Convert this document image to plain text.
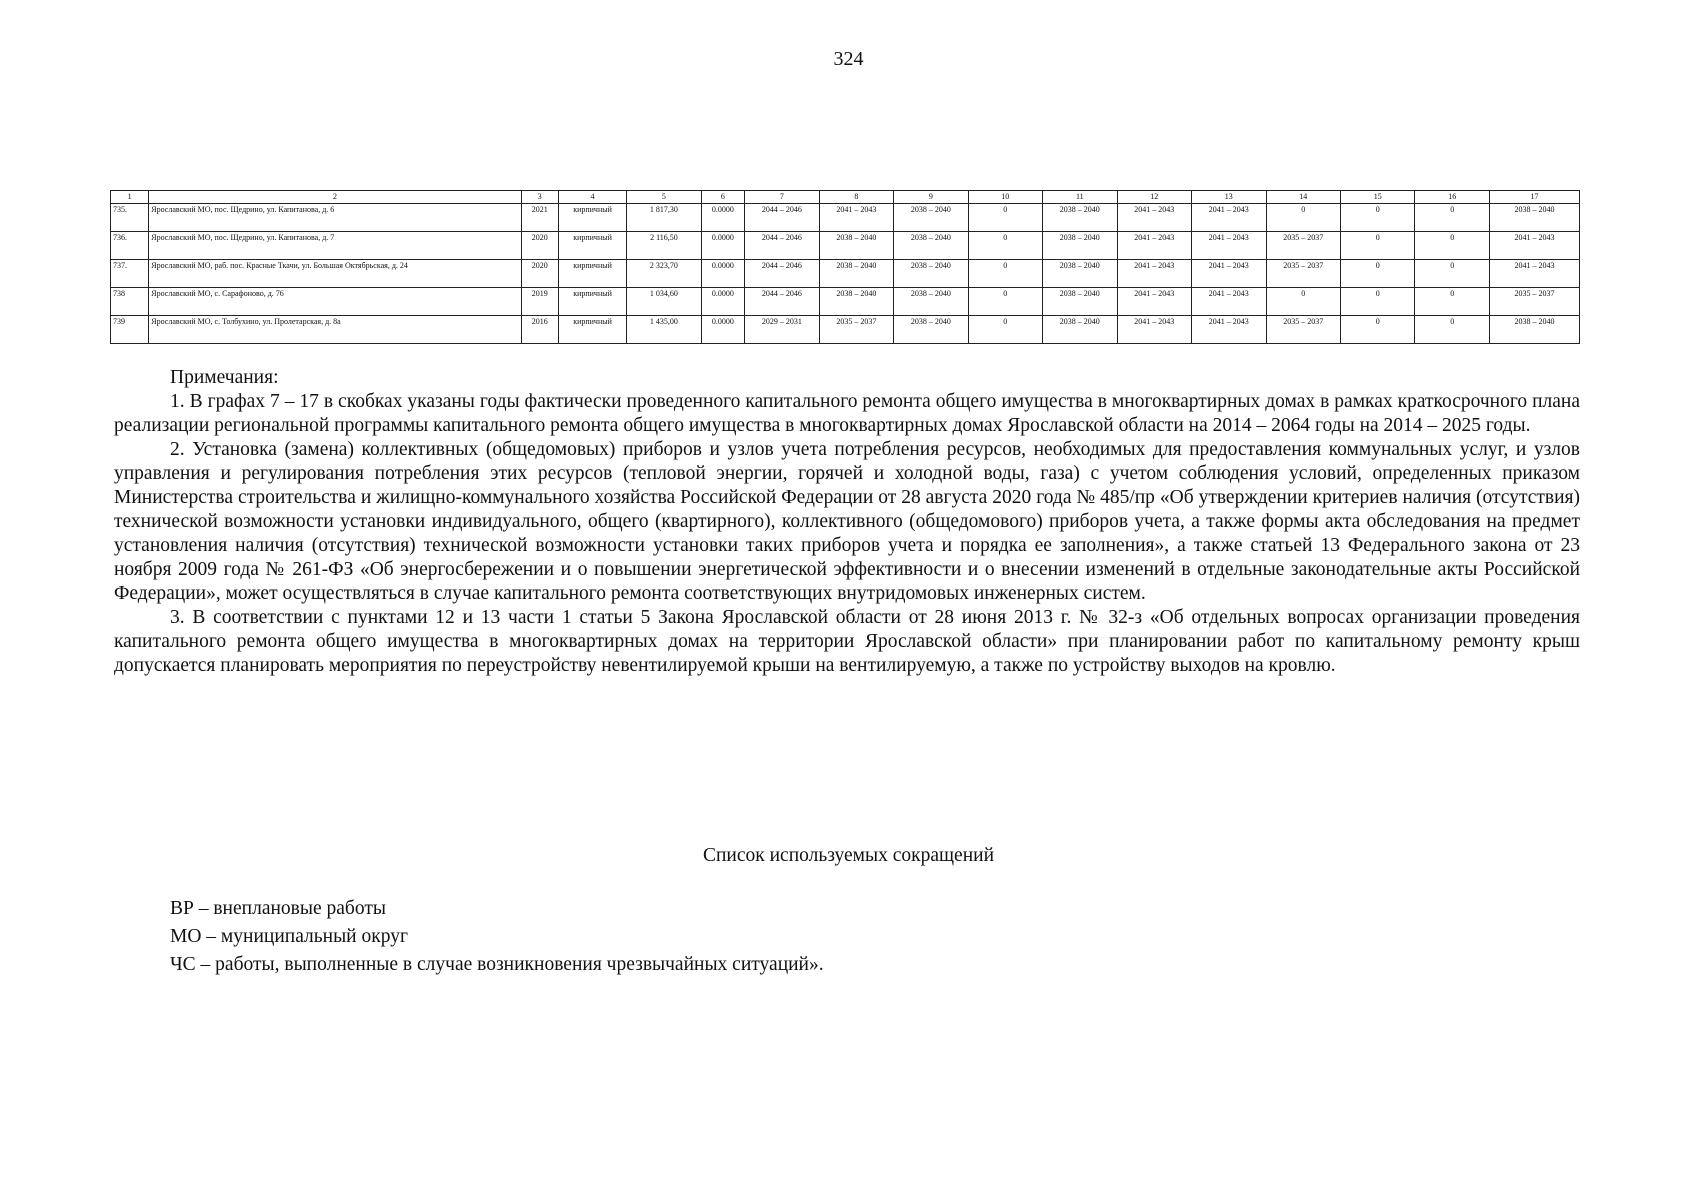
324
1	2	3	4	5	6	7	8	9	10	11	12	13	14	15	16	17
735.	Ярославский МО, пос. Щедрино, ул. Капитанова, д. 6	2021	кирпичный	1 817,30	0.0000	2044 – 2046	2041 – 2043	2038 – 2040	0	2038 – 2040	2041 – 2043	2041 – 2043	0	0	0	2038 – 2040
736.	Ярославский МО, пос. Щедрино, ул. Капитанова, д. 7	2020	кирпичный	2 116,50	0.0000	2044 – 2046	2038 – 2040	2038 – 2040	0	2038 – 2040	2041 – 2043	2041 – 2043	2035 – 2037	0	0	2041 – 2043
737.	Ярославский МО, раб. пос. Красные Ткачи, ул. Большая Октябрьская, д. 24	2020	кирпичный	2 323,70	0.0000	2044 – 2046	2038 – 2040	2038 – 2040	0	2038 – 2040	2041 – 2043	2041 – 2043	2035 – 2037	0	0	2041 – 2043
738	Ярославский МО, с. Сарафоново, д. 76	2019	кирпичный	1 034,60	0.0000	2044 – 2046	2038 – 2040	2038 – 2040	0	2038 – 2040	2041 – 2043	2041 – 2043	0	0	0	2035 – 2037
739	Ярославский МО, с. Толбухино, ул. Пролетарская, д. 8а	2016	кирпичный	1 435,00	0.0000	2029 – 2031	2035 – 2037	2038 – 2040	0	2038 – 2040	2041 – 2043	2041 – 2043	2035 – 2037	0	0	2038 – 2040
Примечания:

1. В графах 7 – 17 в скобках указаны годы фактически проведенного капитального ремонта общего имущества в многоквартирных домах в рамках краткосрочного плана реализации региональной программы капитального ремонта общего имущества в многоквартирных домах Ярославской области на 2014 – 2064 годы на 2014 – 2025 годы.

2. Установка (замена) коллективных (общедомовых) приборов и узлов учета потребления ресурсов, необходимых для предоставления коммунальных услуг, и узлов управления и регулирования потребления этих ресурсов (тепловой энергии, горячей и холодной воды, газа) с учетом соблюдения условий, определенных приказом Министерства строительства и жилищно-коммунального хозяйства Российской Федерации от 28 августа 2020 года № 485/пр «Об утверждении критериев наличия (отсутствия) технической возможности установки индивидуального, общего (квартирного), коллективного (общедомового) приборов учета, а также формы акта обследования на предмет установления наличия (отсутствия) технической возможности установки таких приборов учета и порядка ее заполнения», а также статьей 13 Федерального закона от 23 ноября 2009 года № 261-ФЗ «Об энергосбережении и о повышении энергетической эффективности и о внесении изменений в отдельные законодательные акты Российской Федерации», может осуществляться в случае капитального ремонта соответствующих внутридомовых инженерных систем.

3. В соответствии с пунктами 12 и 13 части 1 статьи 5 Закона Ярославской области от 28 июня 2013 г. № 32-з «Об отдельных вопросах организации проведения капитального ремонта общего имущества в многоквартирных домах на территории Ярославской области» при планировании работ по капитальному ремонту крыш допускается планировать мероприятия по переустройству невентилируемой крыши на вентилируемую, а также по устройству выходов на кровлю.

Список используемых сокращений
ВР – внеплановые работы
МО – муниципальный округ
ЧС – работы, выполненные в случае возникновения чрезвычайных ситуаций».
